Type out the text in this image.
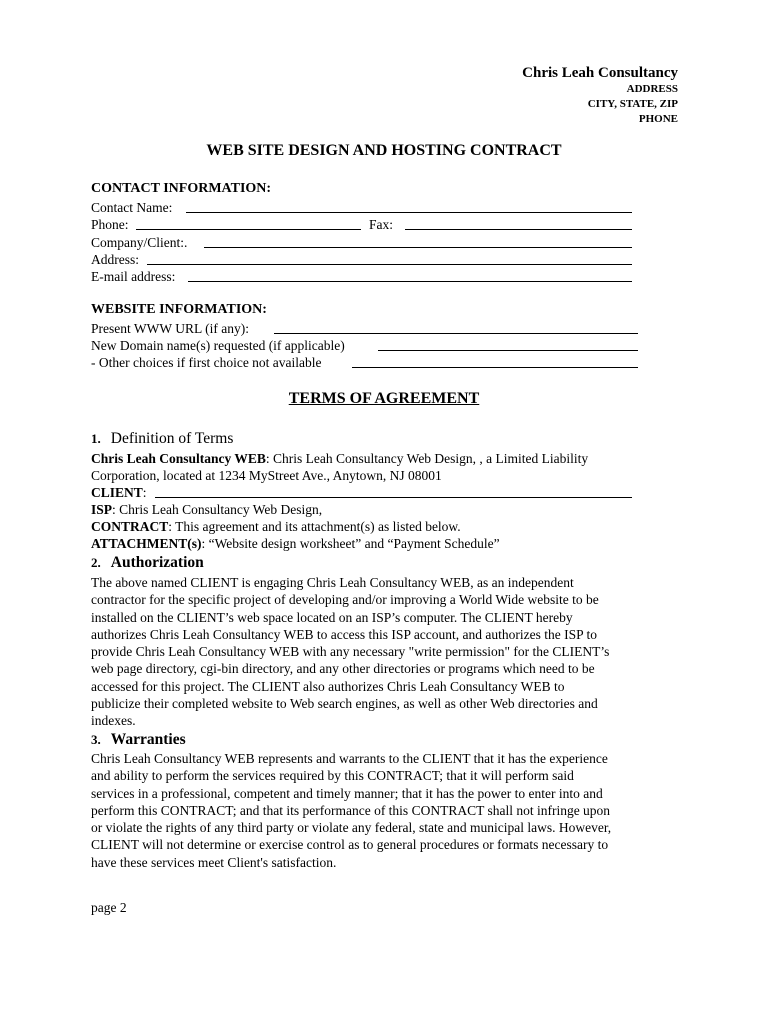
Chris Leah Consultancy
ADDRESS
CITY, STATE, ZIP
PHONE
WEB SITE DESIGN AND HOSTING CONTRACT
CONTACT INFORMATION:
Contact Name:
Phone:	Fax:
Company/Client:.
Address:
E-mail address:
WEBSITE INFORMATION:
Present WWW URL (if any):
New Domain name(s) requested (if applicable)
- Other choices if first choice not available
TERMS OF AGREEMENT
1. Definition of Terms
Chris Leah Consultancy WEB: Chris Leah Consultancy Web Design, , a Limited Liability
Corporation, located at 1234 MyStreet Ave., Anytown, NJ 08001
CLIENT:
ISP: Chris Leah Consultancy Web Design,
CONTRACT: This agreement and its attachment(s) as listed below.
ATTACHMENT(s): “Website design worksheet” and “Payment Schedule”
2. Authorization

The above named CLIENT is engaging Chris Leah Consultancy WEB, as an independent

contractor for the specific project of developing and/or improving a World Wide website to be

installed on the CLIENT’s web space located on an ISP’s computer. The CLIENT hereby

authorizes Chris Leah Consultancy WEB to access this ISP account, and authorizes the ISP to

provide Chris Leah Consultancy WEB with any necessary "write permission" for the CLIENT’s

web page directory, cgi-bin directory, and any other directories or programs which need to be

accessed for this project. The CLIENT also authorizes Chris Leah Consultancy WEB to

publicize their completed website to Web search engines, as well as other Web directories and

indexes.

3. Warranties

Chris Leah Consultancy WEB represents and warrants to the CLIENT that it has the experience

and ability to perform the services required by this CONTRACT; that it will perform said

services in a professional, competent and timely manner; that it has the power to enter into and

perform this CONTRACT; and that its performance of this CONTRACT shall not infringe upon

or violate the rights of any third party or violate any federal, state and municipal laws. However,

CLIENT will not determine or exercise control as to general procedures or formats necessary to

have these services meet Client's satisfaction.

page 2
